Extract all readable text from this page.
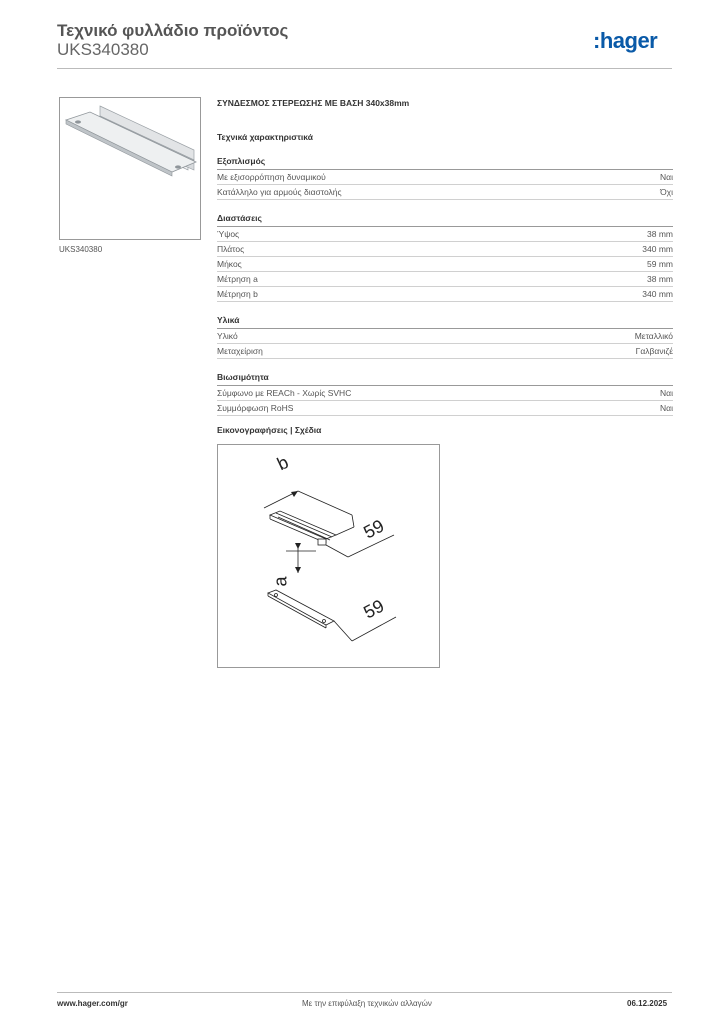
Τεχνικό φυλλάδιο προϊόντος
UKS340380	:hager
UKS340380
ΣΥΝΔΕΣΜΟΣ ΣΤΕΡΕΩΣΗΣ ΜΕ ΒΑΣΗ 340x38mm
Τεχνικά χαρακτηριστικά
Εξοπλισμός
Με εξισορρόπηση δυναμικού	Ναι
Κατάλληλο για αρμούς διαστολής	Όχι
Διαστάσεις
Ύψος	38 mm
Πλάτος	340 mm
Μήκος	59 mm
Μέτρηση a	38 mm
Μέτρηση b	340 mm
Υλικά
Υλικό	Μεταλλικό
Μεταχείριση	Γαλβανιζέ
Βιωσιμότητα
Σύμφωνο με REACh - Χωρίς SVHC	Ναι
Συμμόρφωση RoHS	Ναι
Εικονογραφήσεις | Σχέδια
b
a
59
59
www.hager.com/gr	Με την επιφύλαξη τεχνικών αλλαγών	06.12.2025
